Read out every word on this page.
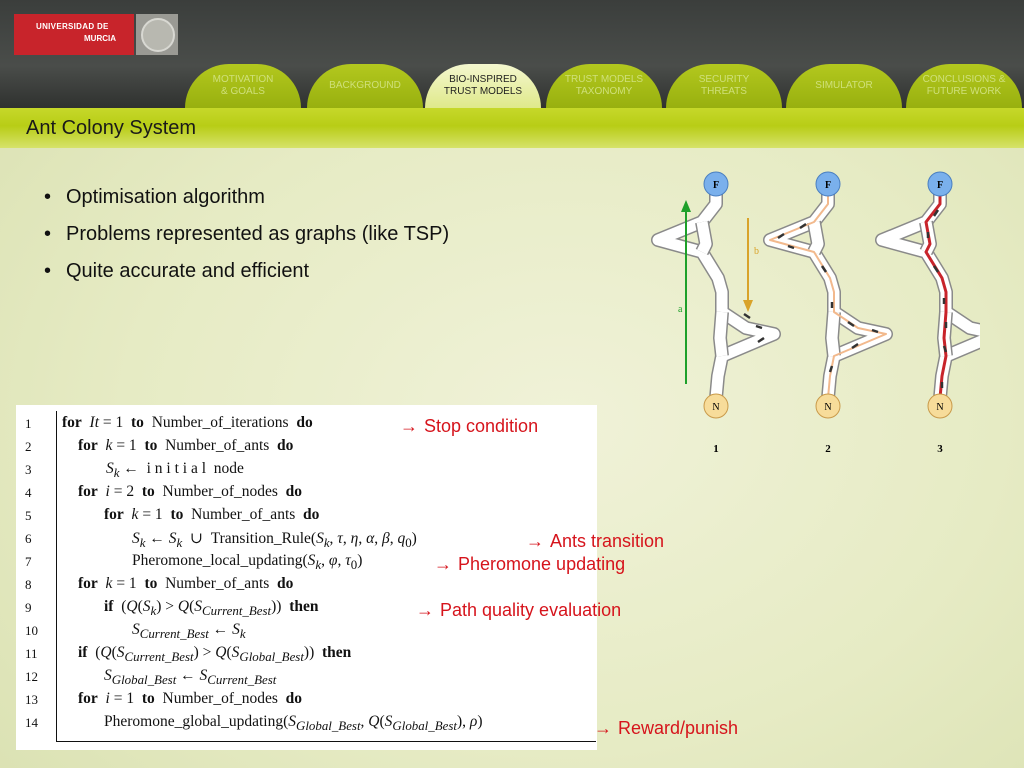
UNIVERSIDAD DE
MURCIA
MOTIVATION
& GOALS
BACKGROUND
BIO-INSPIRED
TRUST MODELS
TRUST MODELS
TAXONOMY
SECURITY
THREATS
SIMULATOR
CONCLUSIONS &
FUTURE WORK
Ant Colony System
• Optimisation algorithm
• Problems represented as graphs (like TSP)
• Quite accurate and efficient
1	for It = 1  to  Number_of_iterations  do
2	for k = 1  to  Number_of_ants  do
3	$S_k$ ←  i n i t i a l  node
4	for i = 2  to  Number_of_nodes  do
5	for k = 1  to  Number_of_ants  do
6	$S_k$ ← $S_k$  ∪  $Transition\_Rule(S_k$, τ, η, α, β, $q_0$)
7	$Pheromone\_local\_updating(S_k$, φ, $\tau_0$)
8	for k = 1  to  Number_of_ants  do
9	if  $(Q(S_k) > Q(S_{Current\_Best}))$  then
10	$S_{Current\_Best}$ ← $S_k$
11	if  $(Q(S_{Current\_Best}) > Q(S_{Global\_Best}))$  then
12	$S_{Global\_Best}$ ← $S_{Current\_Best}$
13	for i = 1  to  Number_of_nodes  do
14	$Pheromone\_global\_updating(S_{Global\_Best}$, $Q(S_{Global\_Best})$, ρ)
→ Stop condition
→ Ants transition
→ Pheromone updating
→ Path quality evaluation
→ Reward/punish
F
N
a
b
1
F
N
2
F
N
3
